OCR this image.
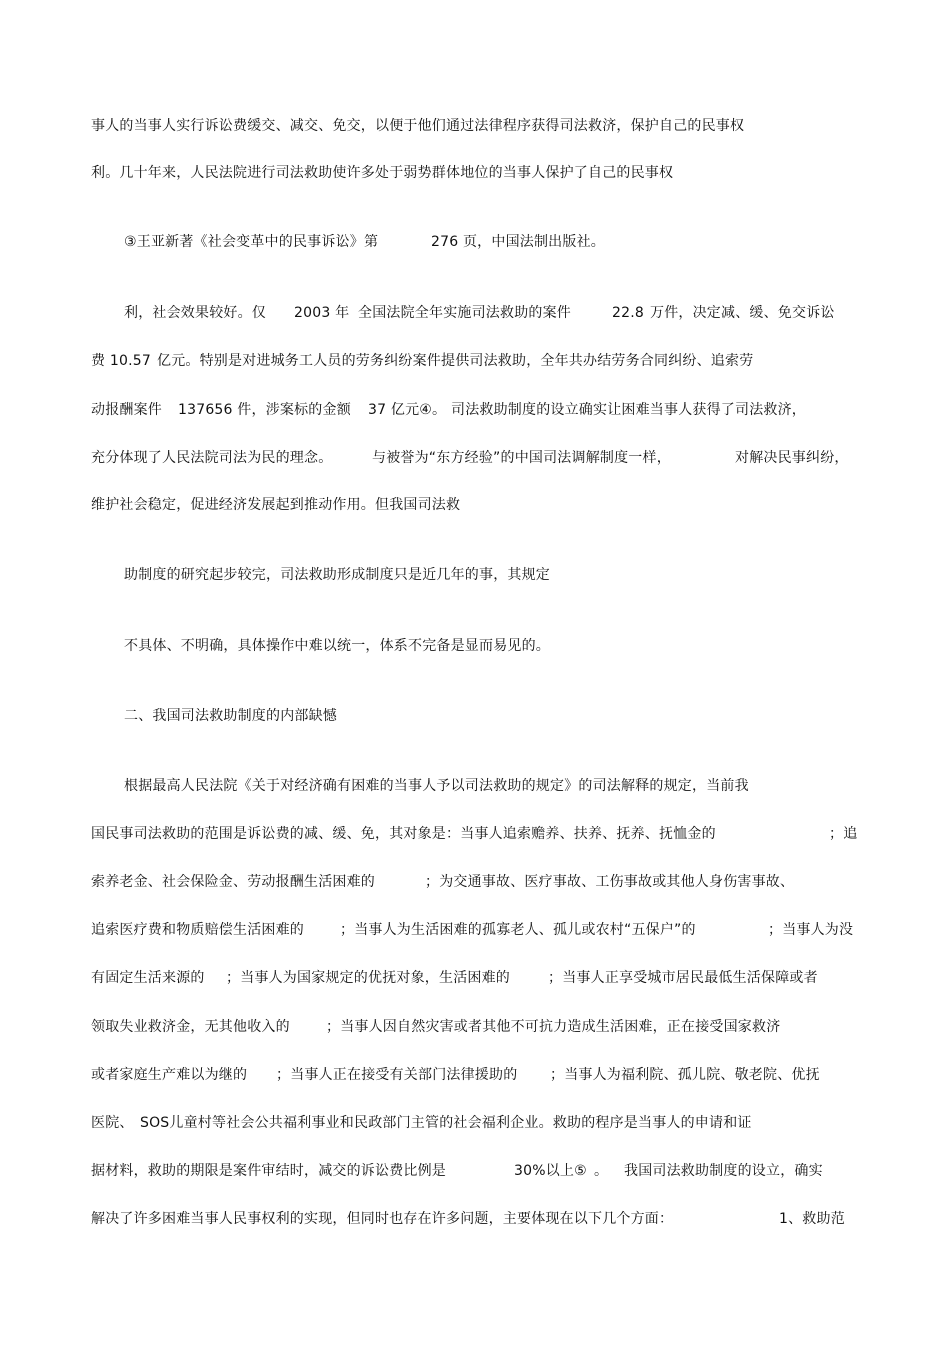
事人的当事人实行诉讼费缓交、减交、免交，以便于他们通过法律程序获得司法救济，保护自己的民事权
利。几十年来，人民法院进行司法救助使许多处于弱势群体地位的当事人保护了自己的民事权
③王亚新著《社会变革中的民事诉讼》第	276 页，中国法制出版社。
利，社会效果较好。仅 2003 年 全国法院全年实施司法救助的案件	22.8 万件，决定减、缓、免交诉讼
费 10.57 亿元。特别是对进城务工人员的劳务纠纷案件提供司法救助，全年共办结劳务合同纠纷、追索劳
动报酬案件 137656 件，涉案标的金额 37 亿元④。 司法救助制度的设立确实让困难当事人获得了司法救济，
充分体现了人民法院司法为民的理念。	与被誉为“东方经验”的中国司法调解制度一样，	对解决民事纠纷，
维护社会稳定，促进经济发展起到推动作用。但我国司法救
助制度的研究起步较完，司法救助形成制度只是近几年的事，其规定
不具体、不明确，具体操作中难以统一，体系不完备是显而易见的。
二、我国司法救助制度的内部缺憾
根据最高人民法院《关于对经济确有困难的当事人予以司法救助的规定》的司法解释的规定，当前我
国民事司法救助的范围是诉讼费的减、缓、免，其对象是：当事人追索赡养、扶养、抚养、抚恤金的	；追
索养老金、社会保险金、劳动报酬生活困难的	；为交通事故、医疗事故、工伤事故或其他人身伤害事故、
追索医疗费和物质赔偿生活困难的	；当事人为生活困难的孤寡老人、孤儿或农村“五保户”的	；当事人为没
有固定生活来源的 ；当事人为国家规定的优抚对象，生活困难的	；当事人正享受城市居民最低生活保障或者
领取失业救济金，无其他收入的	；当事人因自然灾害或者其他不可抗力造成生活困难，正在接受国家救济
或者家庭生产难以为继的 ；当事人正在接受有关部门法律援助的 ；当事人为福利院、孤儿院、敬老院、优抚
医院、 SOS儿童村等社会公共福利事业和民政部门主管的社会福利企业。救助的程序是当事人的申请和证
据材料，救助的期限是案件审结时，减交的诉讼费比例是	30%以上⑤ 。 我国司法救助制度的设立，确实
解决了许多困难当事人民事权利的实现，但同时也存在许多问题，主要体现在以下几个方面：	1、救助范
